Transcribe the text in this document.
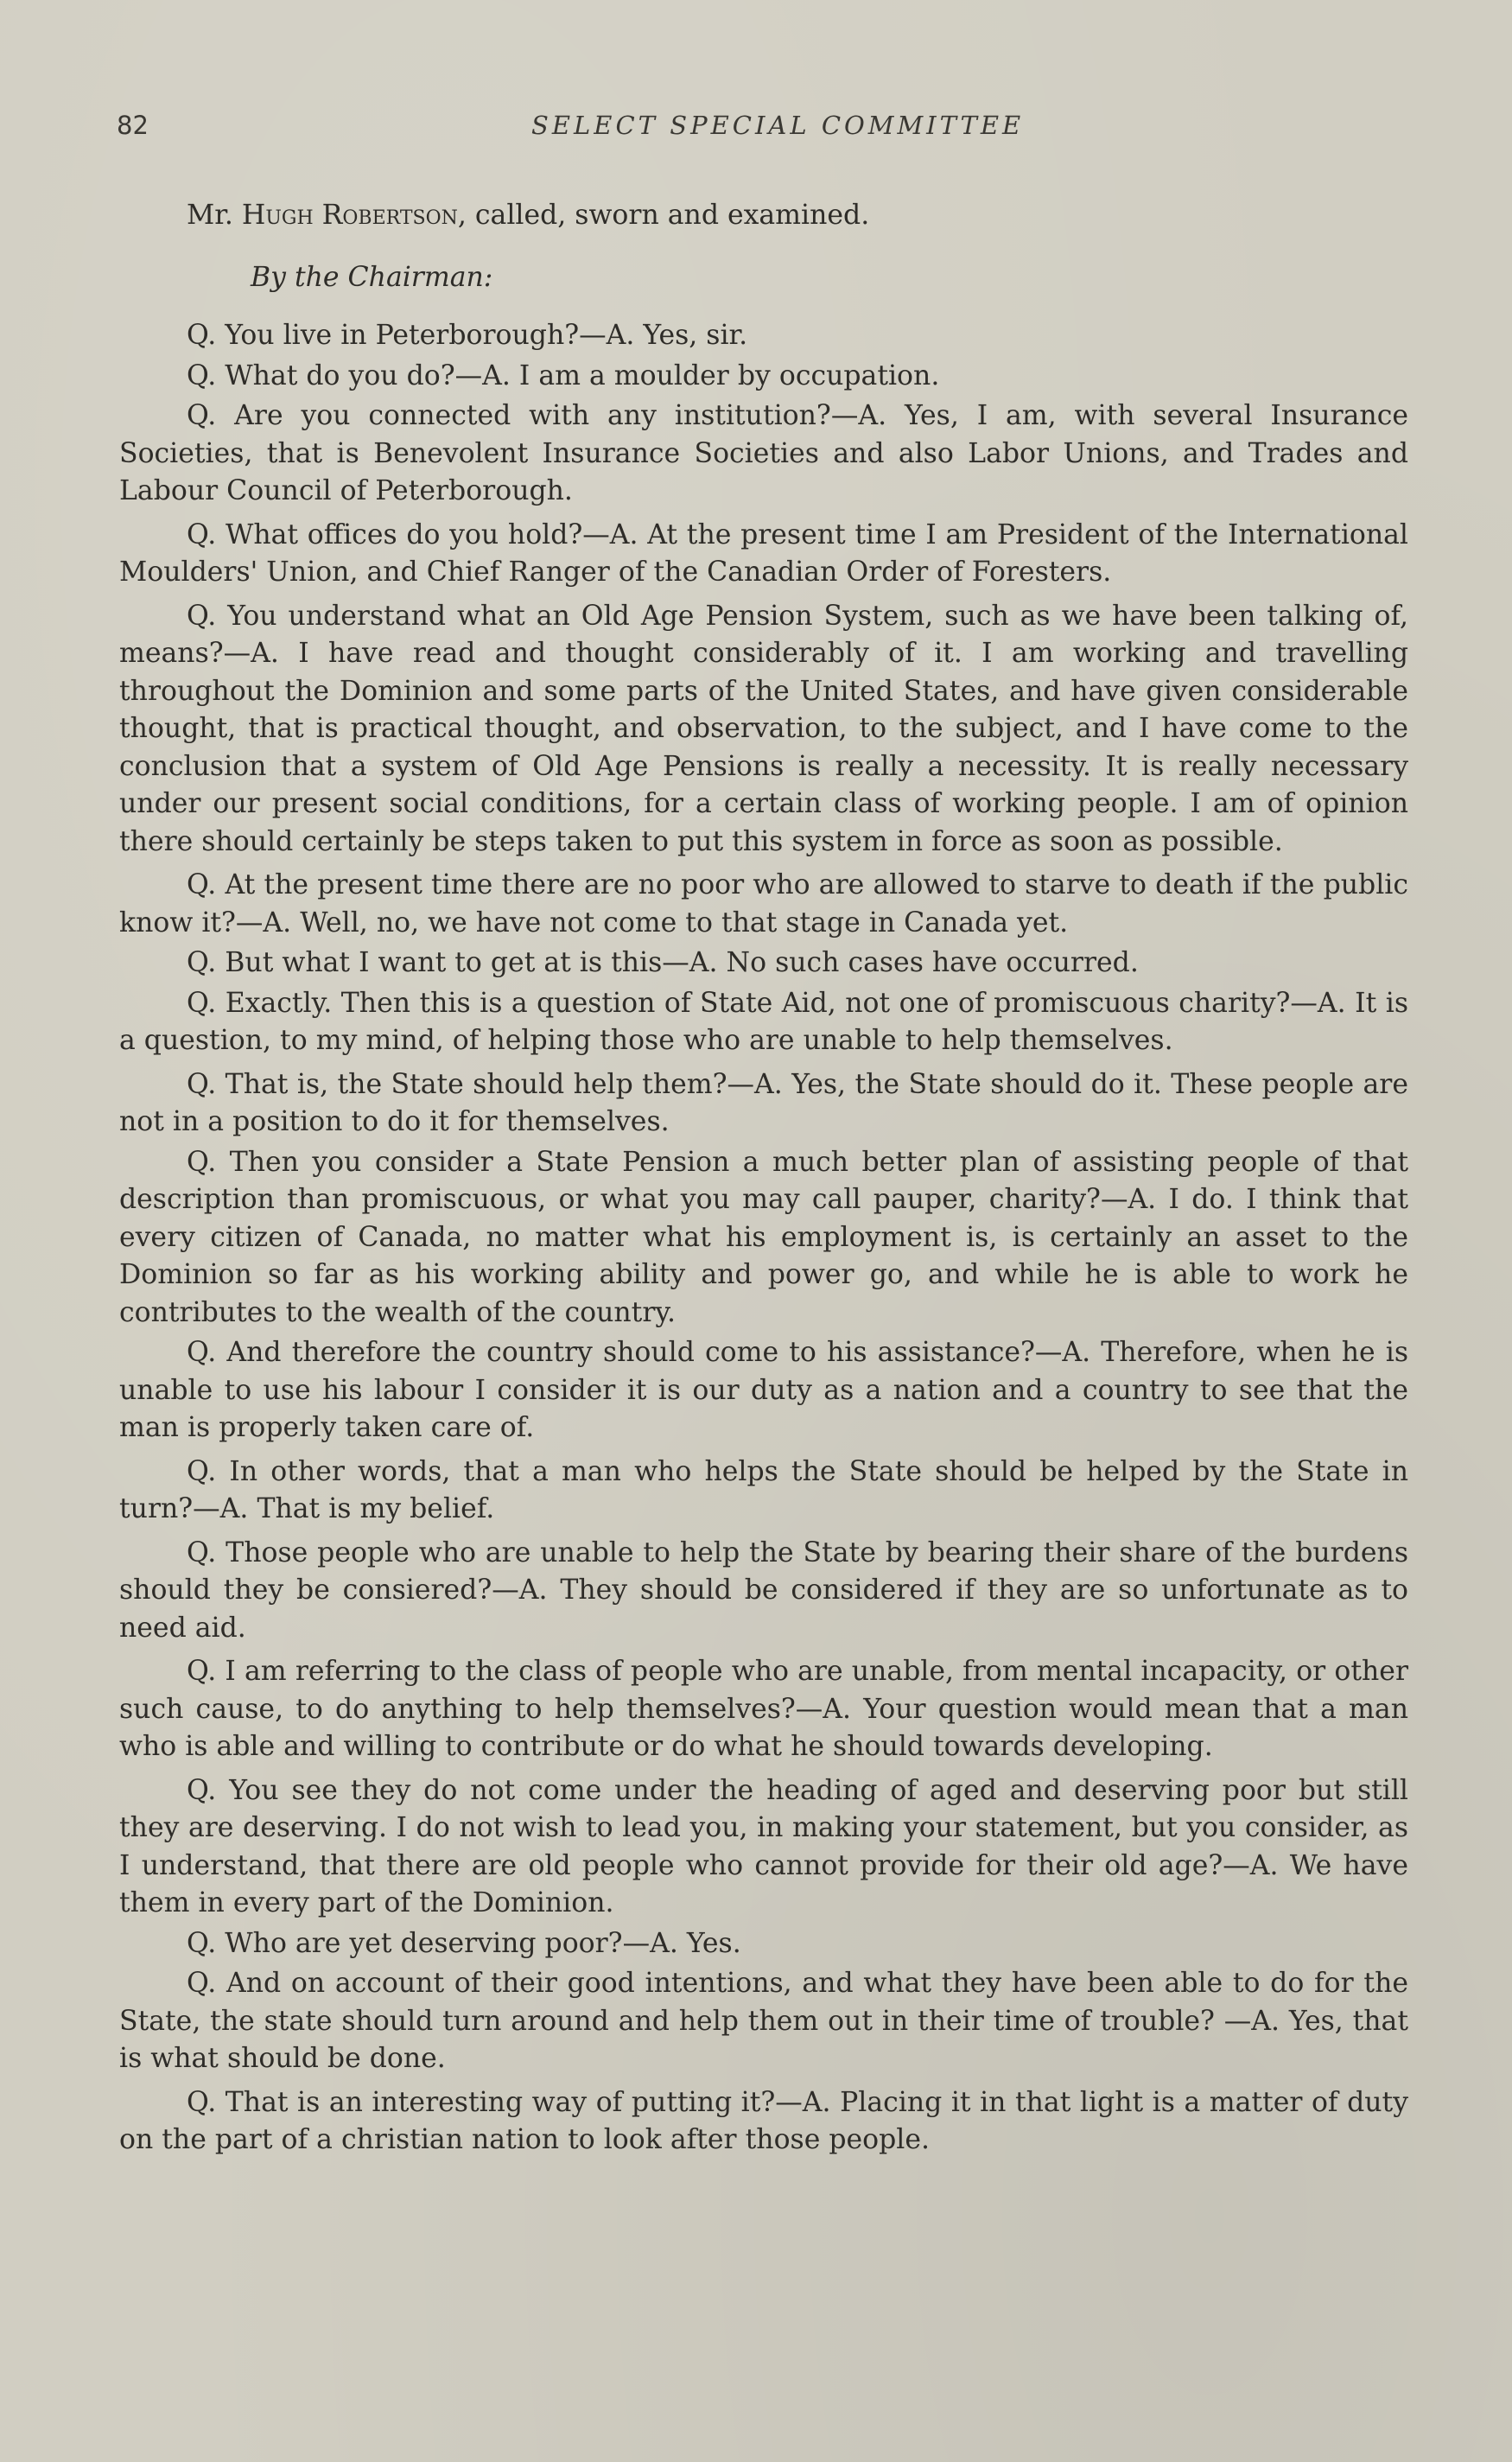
82	SELECT SPECIAL COMMITTEE

Mr. Hugh Robertson, called, sworn and examined.

By the Chairman:

Q. You live in Peterborough?—A. Yes, sir.

Q. What do you do?—A. I am a moulder by occupation.

Q. Are you connected with any institution?—A. Yes, I am, with several Insurance Societies, that is Benevolent Insurance Societies and also Labor Unions, and Trades and Labour Council of Peterborough.

Q. What offices do you hold?—A. At the present time I am President of the International Moulders' Union, and Chief Ranger of the Canadian Order of Foresters.

Q. You understand what an Old Age Pension System, such as we have been talking of, means?—A. I have read and thought considerably of it. I am working and travelling throughout the Dominion and some parts of the United States, and have given considerable thought, that is practical thought, and observation, to the subject, and I have come to the conclusion that a system of Old Age Pensions is really a necessity. It is really necessary under our present social conditions, for a certain class of working people. I am of opinion there should certainly be steps taken to put this system in force as soon as possible.

Q. At the present time there are no poor who are allowed to starve to death if the public know it?—A. Well, no, we have not come to that stage in Canada yet.

Q. But what I want to get at is this—A. No such cases have occurred.

Q. Exactly. Then this is a question of State Aid, not one of promiscuous charity?—A. It is a question, to my mind, of helping those who are unable to help themselves.

Q. That is, the State should help them?—A. Yes, the State should do it. These people are not in a position to do it for themselves.

Q. Then you consider a State Pension a much better plan of assisting people of that description than promiscuous, or what you may call pauper, charity?—A. I do. I think that every citizen of Canada, no matter what his employment is, is certainly an asset to the Dominion so far as his working ability and power go, and while he is able to work he contributes to the wealth of the country.

Q. And therefore the country should come to his assistance?—A. Therefore, when he is unable to use his labour I consider it is our duty as a nation and a country to see that the man is properly taken care of.

Q. In other words, that a man who helps the State should be helped by the State in turn?—A. That is my belief.

Q. Those people who are unable to help the State by bearing their share of the burdens should they be consiered?—A. They should be considered if they are so unfortunate as to need aid.

Q. I am referring to the class of people who are unable, from mental incapacity, or other such cause, to do anything to help themselves?—A. Your question would mean that a man who is able and willing to contribute or do what he should towards developing.

Q. You see they do not come under the heading of aged and deserving poor but still they are deserving. I do not wish to lead you, in making your statement, but you consider, as I understand, that there are old people who cannot provide for their old age?—A. We have them in every part of the Dominion.

Q. Who are yet deserving poor?—A. Yes.

Q. And on account of their good intentions, and what they have been able to do for the State, the state should turn around and help them out in their time of trouble? —A. Yes, that is what should be done.

Q. That is an interesting way of putting it?—A. Placing it in that light is a matter of duty on the part of a christian nation to look after those people.
